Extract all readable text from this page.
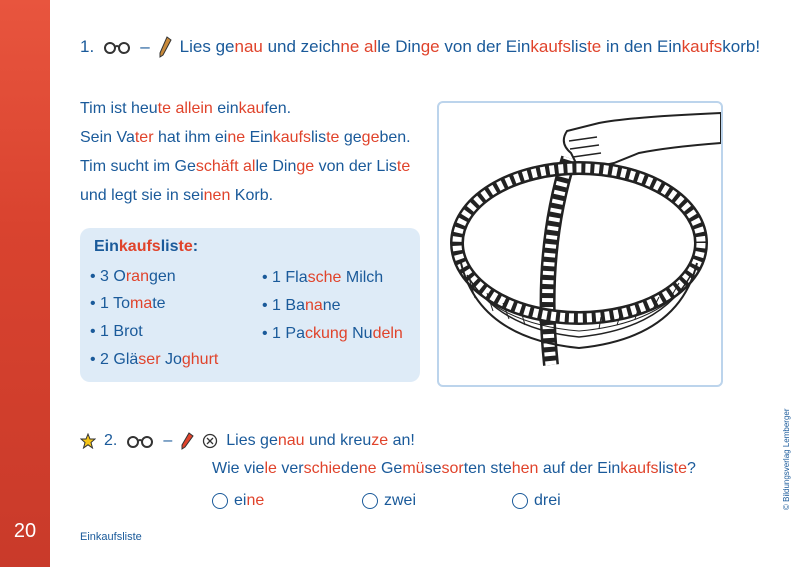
20	Einkaufsliste
© Bildungsverlag Lemberger
1.	– Lies genau und zeichne alle Dinge von der Einkaufsliste in den Einkaufskorb!
Tim ist heute allein einkaufen.
Sein Vater hat ihm eine Einkaufsliste gegeben.
Tim sucht im Geschäft alle Dinge von der Liste
und legt sie in seinen Korb.
Einkaufsliste:
• 3 Orangen
• 1 Tomate
• 1 Brot
• 2 Gläser Joghurt
• 1 Flasche Milch
• 1 Banane
• 1 Packung Nudeln
2.	–	Lies genau und kreuze an!
Wie viele verschiedene Gemüsesorten stehen auf der Einkaufsliste?
eine	zwei	drei
